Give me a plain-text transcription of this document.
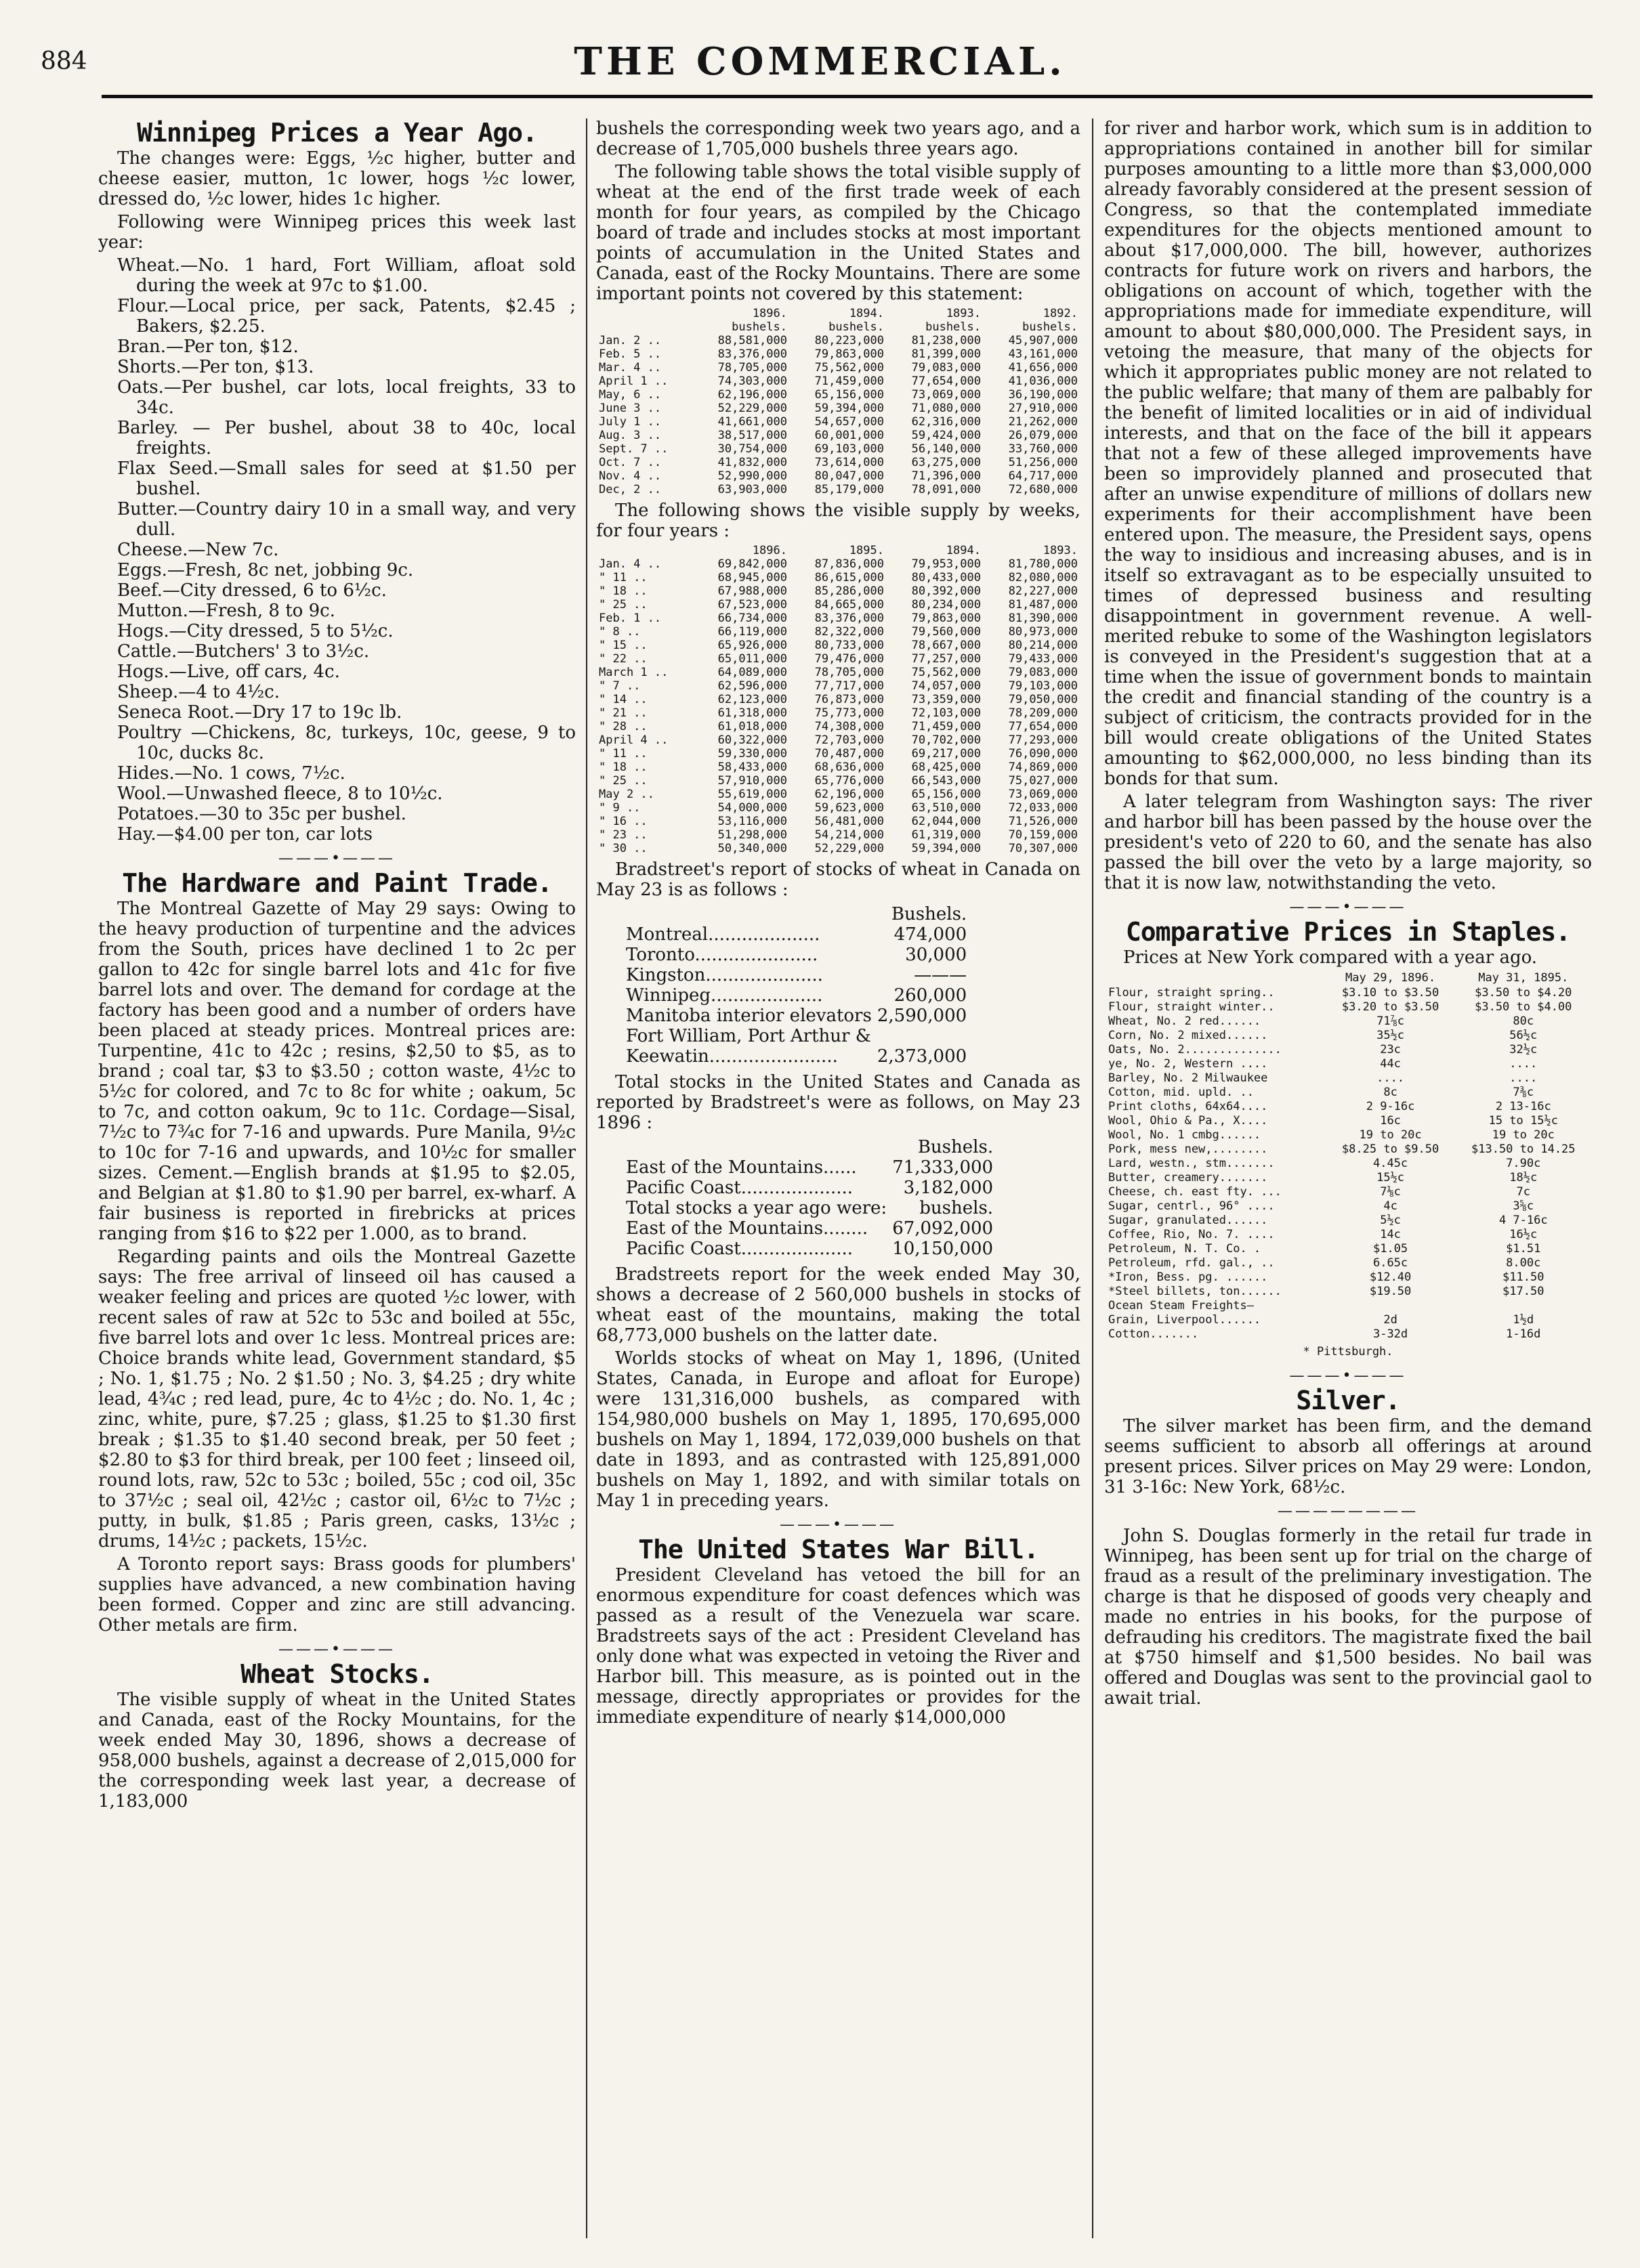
884	THE COMMERCIAL.
Winnipeg Prices a Year Ago.

The changes were: Eggs, ½c higher, butter and cheese easier, mutton, 1c lower, hogs ½c lower, dressed do, ½c lower, hides 1c higher.

Following were Winnipeg prices this week last year:

Wheat.—No. 1 hard, Fort William, afloat sold during the week at 97c to $1.00.

Flour.—Local price, per sack, Patents, $2.45 ; Bakers, $2.25.

Bran.—Per ton, $12.

Shorts.—Per ton, $13.

Oats.—Per bushel, car lots, local freights, 33 to 34c.

Barley. — Per bushel, about 38 to 40c, local freights.

Flax Seed.—Small sales for seed at $1.50 per bushel.

Butter.—Country dairy 10 in a small way, and very dull.

Cheese.—New 7c.

Eggs.—Fresh, 8c net, jobbing 9c.

Beef.—City dressed, 6 to 6½c.

Mutton.—Fresh, 8 to 9c.

Hogs.—City dressed, 5 to 5½c.

Cattle.—Butchers' 3 to 3½c.

Hogs.—Live, off cars, 4c.

Sheep.—4 to 4½c.

Seneca Root.—Dry 17 to 19c lb.

Poultry —Chickens, 8c, turkeys, 10c, geese, 9 to 10c, ducks 8c.

Hides.—No. 1 cows, 7½c.

Wool.—Unwashed fleece, 8 to 10½c.

Potatoes.—30 to 35c per bushel.

Hay.—$4.00 per ton, car lots

———•———
The Hardware and Paint Trade.

The Montreal Gazette of May 29 says: Owing to the heavy production of turpentine and the advices from the South, prices have declined 1 to 2c per gallon to 42c for single barrel lots and 41c for five barrel lots and over. The demand for cordage at the factory has been good and a number of orders have been placed at steady prices. Montreal prices are: Turpentine, 41c to 42c ; resins, $2,50 to $5, as to brand ; coal tar, $3 to $3.50 ; cotton waste, 4½c to 5½c for colored, and 7c to 8c for white ; oakum, 5c to 7c, and cotton oakum, 9c to 11c. Cordage—Sisal, 7½c to 7¾c for 7-16 and upwards. Pure Manila, 9½c to 10c for 7-16 and upwards, and 10½c for smaller sizes. Cement.—English brands at $1.95 to $2.05, and Belgian at $1.80 to $1.90 per barrel, ex-wharf. A fair business is reported in firebricks at prices ranging from $16 to $22 per 1.000, as to brand.

Regarding paints and oils the Montreal Gazette says: The free arrival of linseed oil has caused a weaker feeling and prices are quoted ½c lower, with recent sales of raw at 52c to 53c and boiled at 55c, five barrel lots and over 1c less. Montreal prices are: Choice brands white lead, Government standard, $5 ; No. 1, $1.75 ; No. 2 $1.50 ; No. 3, $4.25 ; dry white lead, 4¾c ; red lead, pure, 4c to 4½c ; do. No. 1, 4c ; zinc, white, pure, $7.25 ; glass, $1.25 to $1.30 first break ; $1.35 to $1.40 second break, per 50 feet ; $2.80 to $3 for third break, per 100 feet ; linseed oil, round lots, raw, 52c to 53c ; boiled, 55c ; cod oil, 35c to 37½c ; seal oil, 42½c ; castor oil, 6½c to 7½c ; putty, in bulk, $1.85 ; Paris green, casks, 13½c ; drums, 14½c ; packets, 15½c.

A Toronto report says: Brass goods for plumbers' supplies have advanced, a new combination having been formed. Copper and zinc are still advancing. Other metals are firm.

———•———
Wheat Stocks.

The visible supply of wheat in the United States and Canada, east of the Rocky Mountains, for the week ended May 30, 1896, shows a decrease of 958,000 bushels, against a decrease of 2,015,000 for the corresponding week last year, a decrease of 1,183,000

bushels the corresponding week two years ago, and a decrease of 1,705,000 bushels three years ago.

The following table shows the total visible supply of wheat at the end of the first trade week of each month for four years, as compiled by the Chicago board of trade and includes stocks at most important points of accumulation in the United States and Canada, east of the Rocky Mountains. There are some important points not covered by this statement:

	1896.	1894.	1893.	1892.
	bushels.	bushels.	bushels.	bushels.
Jan. 2 ..	88,581,000	80,223,000	81,238,000	45,907,000
Feb. 5 ..	83,376,000	79,863,000	81,399,000	43,161,000
Mar. 4 ..	78,705,000	75,562,000	79,083,000	41,656,000
April 1 ..	74,303,000	71,459,000	77,654,000	41,036,000
May, 6 ..	62,196,000	65,156,000	73,069,000	36,190,000
June 3 ..	52,229,000	59,394,000	71,080,000	27,910,000
July 1 ..	41,661,000	54,657,000	62,316,000	21,262,000
Aug. 3 ..	38,517,000	60,001,000	59,424,000	26,079,000
Sept. 7 ..	30,754,000	69,103,000	56,140,000	33,760,000
Oct. 7 ..	41,832,000	73,614,000	63,275,000	51,256,000
Nov. 4 ..	52,990,000	80,047,000	71,396,000	64,717,000
Dec, 2 ..	63,903,000	85,179,000	78,091,000	72,680,000

The following shows the visible supply by weeks, for four years :

	1896.	1895.	1894.	1893.
Jan. 4 ..	69,842,000	87,836,000	79,953,000	81,780,000
" 11 ..	68,945,000	86,615,000	80,433,000	82,080,000
" 18 ..	67,988,000	85,286,000	80,392,000	82,227,000
" 25 ..	67,523,000	84,665,000	80,234,000	81,487,000
Feb. 1 ..	66,734,000	83,376,000	79,863,000	81,390,000
" 8 ..	66,119,000	82,322,000	79,560,000	80,973,000
" 15 ..	65,926,000	80,733,000	78,667,000	80,214,000
" 22 ..	65,011,000	79,476,000	77,257,000	79,433,000
March 1 ..	64,089,000	78,705,000	75,562,000	79,083,000
" 7 ..	62,596,000	77,717,000	74,057,000	79,103,000
" 14 ..	62,123,000	76,873,000	73,359,000	79,050,000
" 21 ..	61,318,000	75,773,000	72,103,000	78,209,000
" 28 ..	61,018,000	74,308,000	71,459,000	77,654,000
April 4 ..	60,322,000	72,703,000	70,702,000	77,293,000
" 11 ..	59,330,000	70,487,000	69,217,000	76,090,000
" 18 ..	58,433,000	68,636,000	68,425,000	74,869,000
" 25 ..	57,910,000	65,776,000	66,543,000	75,027,000
May 2 ..	55,619,000	62,196,000	65,156,000	73,069,000
" 9 ..	54,000,000	59,623,000	63,510,000	72,033,000
" 16 ..	53,116,000	56,481,000	62,044,000	71,526,000
" 23 ..	51,298,000	54,214,000	61,319,000	70,159,000
" 30 ..	50,340,000	52,229,000	59,394,000	70,307,000

Bradstreet's report of stocks of wheat in Canada on May 23 is as follows :

	Bushels.
Montreal....................	474,000
Toronto......................	30,000
Kingston.....................	———
Winnipeg....................	260,000
Manitoba interior elevators	2,590,000
Fort William, Port Arthur &	
Keewatin.......................	2,373,000

Total stocks in the United States and Canada as reported by Bradstreet's were as follows, on May 23 1896 :

	Bushels.
East of the Mountains......	71,333,000
Pacific Coast....................	3,182,000
Total stocks a year ago were:	bushels.
East of the Mountains........	67,092,000
Pacific Coast....................	10,150,000

Bradstreets report for the week ended May 30, shows a decrease of 2 560,000 bushels in stocks of wheat east of the mountains, making the total 68,773,000 bushels on the latter date.

Worlds stocks of wheat on May 1, 1896, (United States, Canada, in Europe and afloat for Europe) were 131,316,000 bushels, as compared with 154,980,000 bushels on May 1, 1895, 170,695,000 bushels on May 1, 1894, 172,039,000 bushels on that date in 1893, and as contrasted with 125,891,000 bushels on May 1, 1892, and with similar totals on May 1 in preceding years.

———•———
The United States War Bill.

President Cleveland has vetoed the bill for an enormous expenditure for coast defences which was passed as a result of the Venezuela war scare. Bradstreets says of the act : President Cleveland has only done what was expected in vetoing the River and Harbor bill. This measure, as is pointed out in the message, directly appropriates or provides for the immediate expenditure of nearly $14,000,000

for river and harbor work, which sum is in addition to appropriations contained in another bill for similar purposes amounting to a little more than $3,000,000 already favorably considered at the present session of Congress, so that the contemplated immediate expenditures for the objects mentioned amount to about $17,000,000. The bill, however, authorizes contracts for future work on rivers and harbors, the obligations on account of which, together with the appropriations made for immediate expenditure, will amount to about $80,000,000. The President says, in vetoing the measure, that many of the objects for which it appropriates public money are not related to the public welfare; that many of them are palbably for the benefit of limited localities or in aid of individual interests, and that on the face of the bill it appears that not a few of these alleged improvements have been so improvidely planned and prosecuted that after an unwise expenditure of millions of dollars new experiments for their accomplishment have been entered upon. The measure, the President says, opens the way to insidious and increasing abuses, and is in itself so extravagant as to be especially unsuited to times of depressed business and resulting disappointment in government revenue. A well-merited rebuke to some of the Washington legislators is conveyed in the President's suggestion that at a time when the issue of government bonds to maintain the credit and financial standing of the country is a subject of criticism, the contracts provided for in the bill would create obligations of the United States amounting to $62,000,000, no less binding than its bonds for that sum.

A later telegram from Washington says: The river and harbor bill has been passed by the house over the president's veto of 220 to 60, and the senate has also passed the bill over the veto by a large majority, so that it is now law, notwithstanding the veto.

———•———
Comparative Prices in Staples.

Prices at New York compared with a year ago.

	May 29, 1896.	May 31, 1895.
Flour, straight spring..	$3.10 to $3.50	$3.50 to $4.20
Flour, straight winter..	$3.20 to $3.50	$3.50 to $4.00
Wheat, No. 2 red......	71⅞c	80c
Corn, No. 2 mixed......	35½c	56½c
Oats, No. 2..............	23c	32½c
ye, No. 2, Western ....	44c	....
Barley, No. 2 Milwaukee	....	....
Cotton, mid. upld. ..	8c	7⅜c
Print cloths, 64x64....	2 9-16c	2 13-16c
Wool, Ohio & Pa., X....	16c	15 to 15½c
Wool, No. 1 cmbg......	19 to 20c	19 to 20c
Pork, mess new,........	$8.25 to $9.50	$13.50 to 14.25
Lard, westn., stm.......	4.45c	7.90c
Butter, creamery.......	15½c	18½c
Cheese, ch. east fty. ...	7⅛c	7c
Sugar, centrl., 96° ....	4c	3⅝c
Sugar, granulated......	5½c	4 7-16c
Coffee, Rio, No. 7. ....	14c	16½c
Petroleum, N. T. Co. .	$1.05	$1.51
Petroleum, rfd. gal., ..	6.65c	8.00c
*Iron, Bess. pg. ......	$12.40	$11.50
*Steel billets, ton......	$19.50	$17.50
Ocean Steam Freights—		
Grain, Liverpool......	2d	1½d
Cotton.......	3-32d	1-16d
* Pittsburgh.
———•———
Silver.

The silver market has been firm, and the demand seems sufficient to absorb all offerings at around present prices. Silver prices on May 29 were: London, 31 3-16c: New York, 68½c.

————————

John S. Douglas formerly in the retail fur trade in Winnipeg, has been sent up for trial on the charge of fraud as a result of the preliminary investigation. The charge is that he disposed of goods very cheaply and made no entries in his books, for the purpose of defrauding his creditors. The magistrate fixed the bail at $750 himself and $1,500 besides. No bail was offered and Douglas was sent to the provincial gaol to await trial.
